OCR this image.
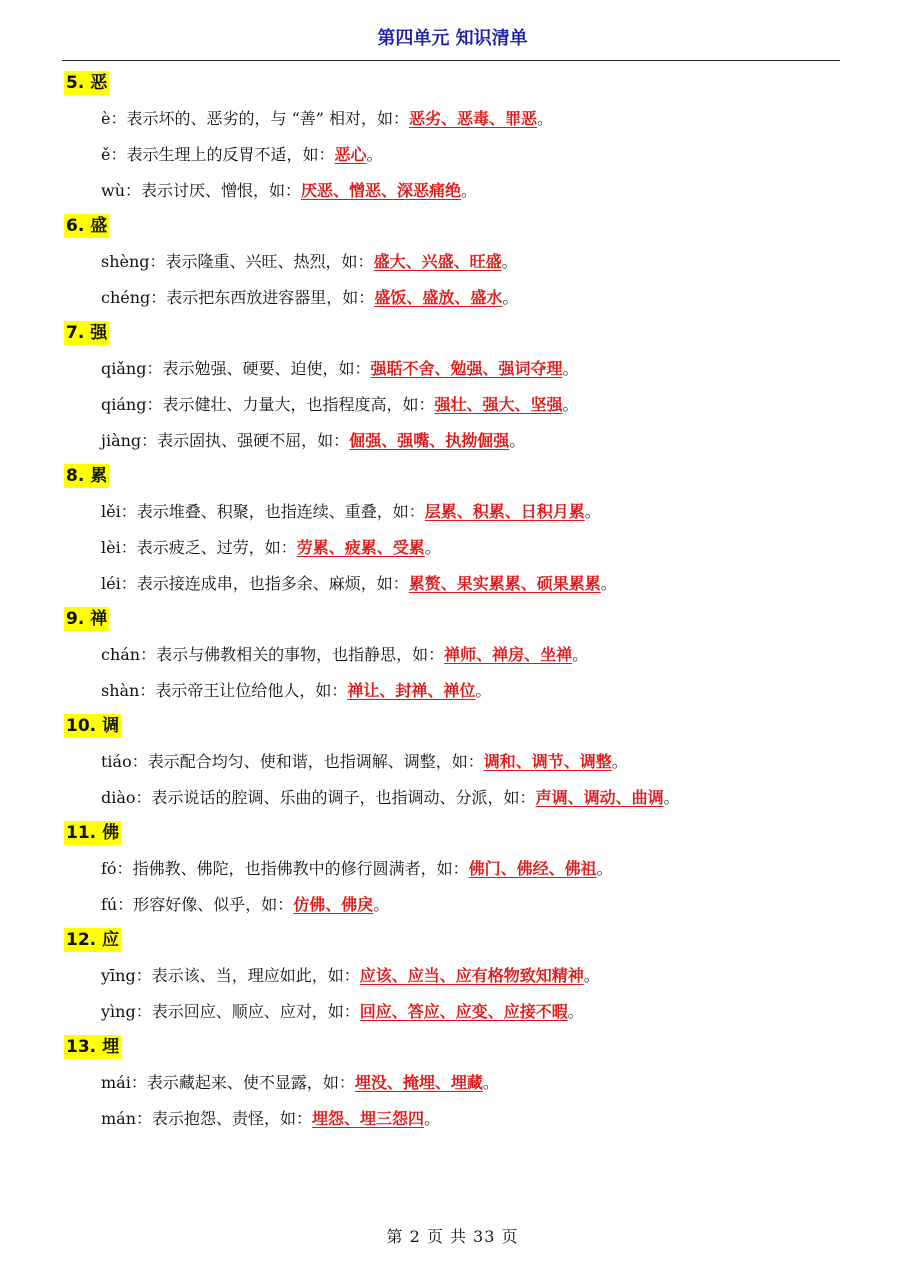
第四单元 知识清单
5. 恶
è：表示坏的、恶劣的，与 “善” 相对，如：恶劣、恶毒、罪恶。
ě：表示生理上的反胃不适，如：恶心。
wù：表示讨厌、憎恨，如：厌恶、憎恶、深恶痛绝。
6. 盛
shèng：表示隆重、兴旺、热烈，如：盛大、兴盛、旺盛。
chéng：表示把东西放进容器里，如：盛饭、盛放、盛水。
7. 强
qiǎng：表示勉强、硬要、迫使，如：强聒不舍、勉强、强词夺理。
qiáng：表示健壮、力量大，也指程度高，如：强壮、强大、坚强。
jiàng：表示固执、强硬不屈，如：倔强、强嘴、执拗倔强。
8. 累
lěi：表示堆叠、积聚，也指连续、重叠，如：层累、积累、日积月累。
lèi：表示疲乏、过劳，如：劳累、疲累、受累。
léi：表示接连成串，也指多余、麻烦，如：累赘、果实累累、硕果累累。
9. 禅
chán：表示与佛教相关的事物，也指静思，如：禅师、禅房、坐禅。
shàn：表示帝王让位给他人，如：禅让、封禅、禅位。
10. 调
tiáo：表示配合均匀、使和谐，也指调解、调整，如：调和、调节、调整。
diào：表示说话的腔调、乐曲的调子，也指调动、分派，如：声调、调动、曲调。
11. 佛
fó：指佛教、佛陀，也指佛教中的修行圆满者，如：佛门、佛经、佛祖。
fú：形容好像、似乎，如：仿佛、佛戾。
12. 应
yīng：表示该、当，理应如此，如：应该、应当、应有格物致知精神。
yìng：表示回应、顺应、应对，如：回应、答应、应变、应接不暇。
13. 埋
mái：表示藏起来、使不显露，如：埋没、掩埋、埋藏。
mán：表示抱怨、责怪，如：埋怨、埋三怨四。
第 2 页 共 33 页
